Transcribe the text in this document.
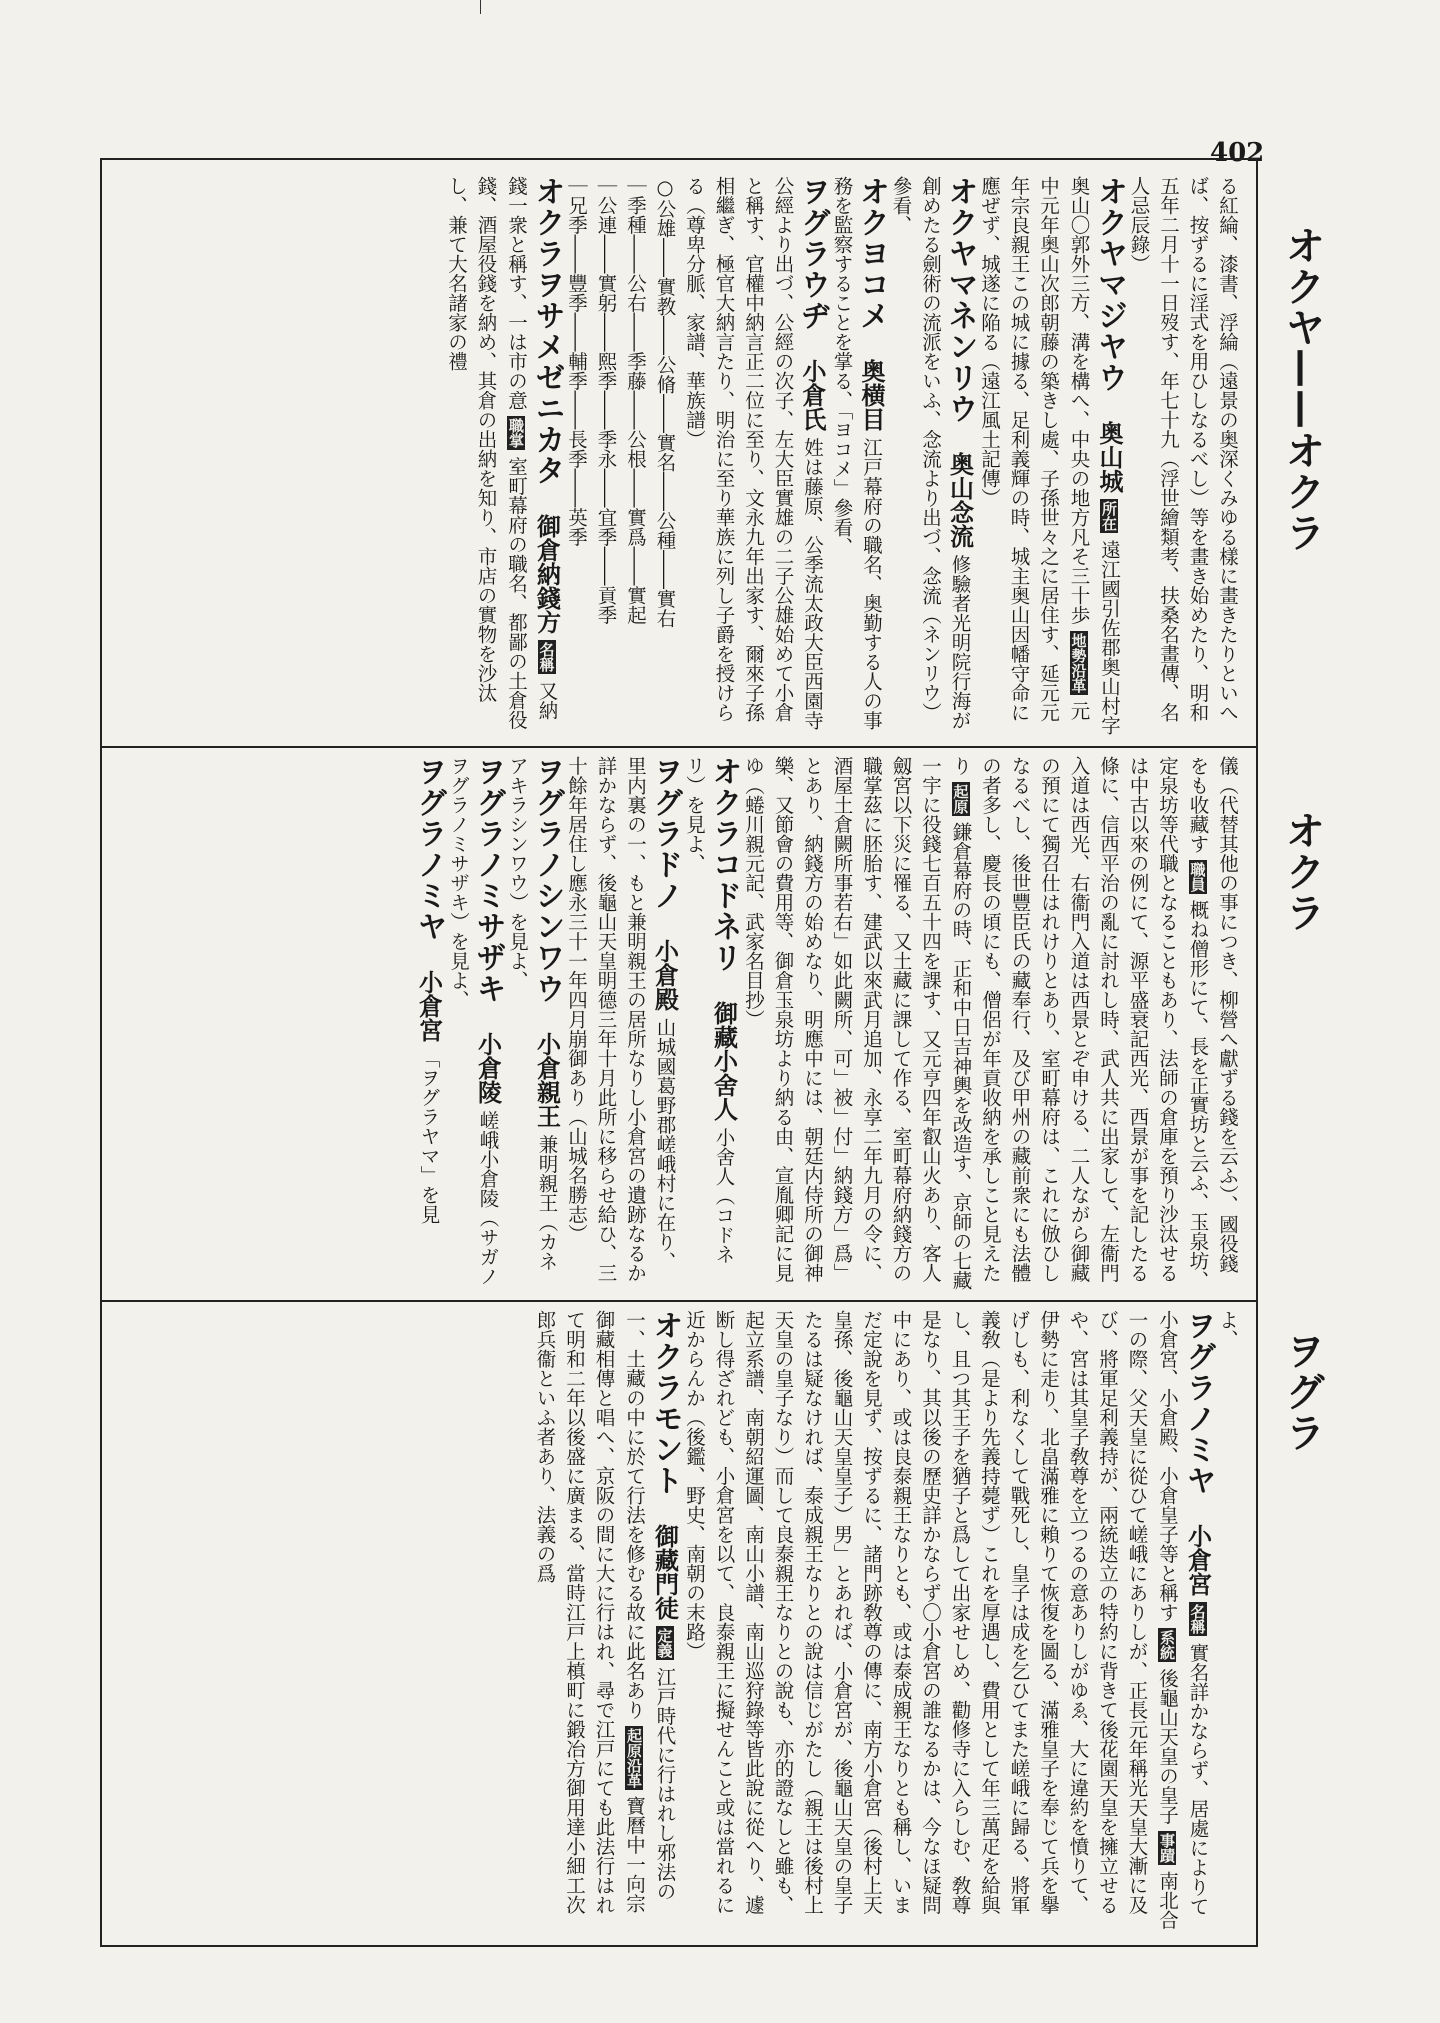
402
オクヤ——オクラ
オクラ
ヲグラ

る紅綸、漆書、浮綸（遠景の奥深くみゆる樣に畫きたりといへば、按ずるに淫式を用ひしなるべし）等を畫き始めたり、明和五年二月十一日歿す、年七十九（浮世繪類考、扶桑名畫傳、名人忌辰錄）

オクヤマジヤウ 奥山城 所在 遠江國引佐郡奥山村字奥山〇郭外三方、溝を構へ、中央の地方凡そ三十歩 地勢沿革 元中元年奥山次郎朝藤の築きし處、子孫世々之に居住す、延元元年宗良親王この城に據る、足利義輝の時、城主奥山因幡守命に應ぜず、城遂に陥る（遠江風土記傳）

オクヤマネンリウ 奥山念流 修驗者光明院行海が創めたる劍術の流派をいふ、念流より出づ、念流（ネンリウ）參看、

オクヨコメ 奥横目 江戸幕府の職名、奥勤する人の事務を監察することを掌る、「ヨコメ」參看、

ヲグラウヂ 小倉氏 姓は藤原、公季流太政大臣西園寺公經より出づ、公經の次子、左大臣實雄の二子公雄始めて小倉と稱す、官權中納言正二位に至り、文永九年出家す、爾來子孫相繼ぎ、極官大納言たり、明治に至り華族に列し子爵を授けらる（尊卑分脈、家譜、華族譜）

○公雄――實教――公脩――實名――公種――實右

｜季種――公右――季藤――公根――實爲――實起

｜公連――實躬――熙季――季永――宜季――貢季

｜兄季――豐季――輔季――長季――英季

オクラヲサメゼニカタ 御倉納錢方 名稱 又納錢一衆と稱す、一は市の意 職掌 室町幕府の職名、都鄙の土倉役錢、酒屋役錢を納め、其倉の出納を知り、市店の實物を沙汰し、兼て大名諸家の禮

儀（代替其他の事につき、柳營へ獻ずる錢を云ふ）、國役錢をも收藏す 職員 概ね僧形にて、長を正實坊と云ふ、玉泉坊、定泉坊等代職となることもあり、法師の倉庫を預り沙汰せるは中古以來の例にて、源平盛衰記西光、西景が事を記したる條に、信西平治の亂に討れし時、武人共に出家して、左衞門入道は西光、右衞門入道は西景とぞ申ける、二人ながら御藏の預にて獨召仕はれけりとあり、室町幕府は、これに倣ひしなるべし、後世豐臣氏の藏奉行、及び甲州の藏前衆にも法體の者多し、慶長の頃にも、僧侶が年貢收納を承しこと見えたり 起原 鎌倉幕府の時、正和中日吉神輿を改造す、京師の七藏一宇に役錢七百五十四を課す、又元亨四年叡山火あり、客人劔宮以下災に罹る、又土藏に課して作る、室町幕府納錢方の職掌茲に胚胎す、建武以來武月追加、永享二年九月の令に、酒屋土倉闕所事若右」如此闕所、可」被」付」納錢方」爲」とあり、納錢方の始めなり、明應中には、朝廷内侍所の御神樂、又節會の費用等、御倉玉泉坊より納る由、宣胤卿記に見ゆ（蜷川親元記、武家名目抄）

オクラコドネリ 御藏小舍人 小舍人（コドネリ）を見よ、

ヲグラドノ 小倉殿 山城國葛野郡嵯峨村に在り、里内裏の一、もと兼明親王の居所なりし小倉宮の遺跡なるか詳かならず、後龜山天皇明德三年十月此所に移らせ給ひ、三十餘年居住し應永三十一年四月崩御あり（山城名勝志）

ヲグラノシンワウ 小倉親王 兼明親王（カネアキラシンワウ）を見よ、

ヲグラノミサザキ 小倉陵 嵯峨小倉陵（サガノヲグラノミサザキ）を見よ、

ヲグラノミヤ 小倉宮 「ヲグラヤマ」を見

よ、

ヲグラノミヤ 小倉宮 名稱 實名詳かならず、居處によりて小倉宮、小倉殿、小倉皇子等と稱す 系統 後龜山天皇の皇子 事蹟 南北合一の際、父天皇に從ひて嵯峨にありしが、正長元年稱光天皇大漸に及び、將軍足利義持が、兩統迭立の特約に背きて後花園天皇を擁立せるや、宮は其皇子敎尊を立つるの意ありしがゆゑ、大に違約を憤りて、伊勢に走り、北畠滿雅に賴りて恢復を圖る、滿雅皇子を奉じて兵を擧げしも、利なくして戰死し、皇子は成を乞ひてまた嵯峨に歸る、將軍義敎（是より先義持薨ず）これを厚遇し、費用として年三萬疋を給與し、且つ其王子を猶子と爲して出家せしめ、勸修寺に入らしむ、敎尊是なり、其以後の歷史詳かならず〇小倉宮の誰なるかは、今なほ疑問中にあり、或は良泰親王なりとも、或は泰成親王なりとも稱し、いまだ定說を見ず、按ずるに、諸門跡敎尊の傳に、南方小倉宮（後村上天皇孫、後龜山天皇皇子）男」とあれば、小倉宮が、後龜山天皇の皇子たるは疑なければ、泰成親王なりとの說は信じがたし（親王は後村上天皇の皇子なり）而して良泰親王なりとの說も、亦的證なしと雖も、起立系譜、南朝紹運圖、南山小譜、南山巡狩錄等皆此說に從へり、遽断し得ざれども、小倉宮を以て、良泰親王に擬せんこと或は當れるに近からんか（後鑑、野史、南朝の末路）

オクラモント 御藏門徒 定義 江戸時代に行はれし邪法の一、土藏の中に於て行法を修むる故に此名あり 起原沿革 寶曆中一向宗御藏相傳と唱へ、京阪の間に大に行はれ、尋で江戸にても此法行はれて明和二年以後盛に廣まる、當時江戸上槙町に鍛冶方御用達小細工次郎兵衞といふ者あり、法義の爲
